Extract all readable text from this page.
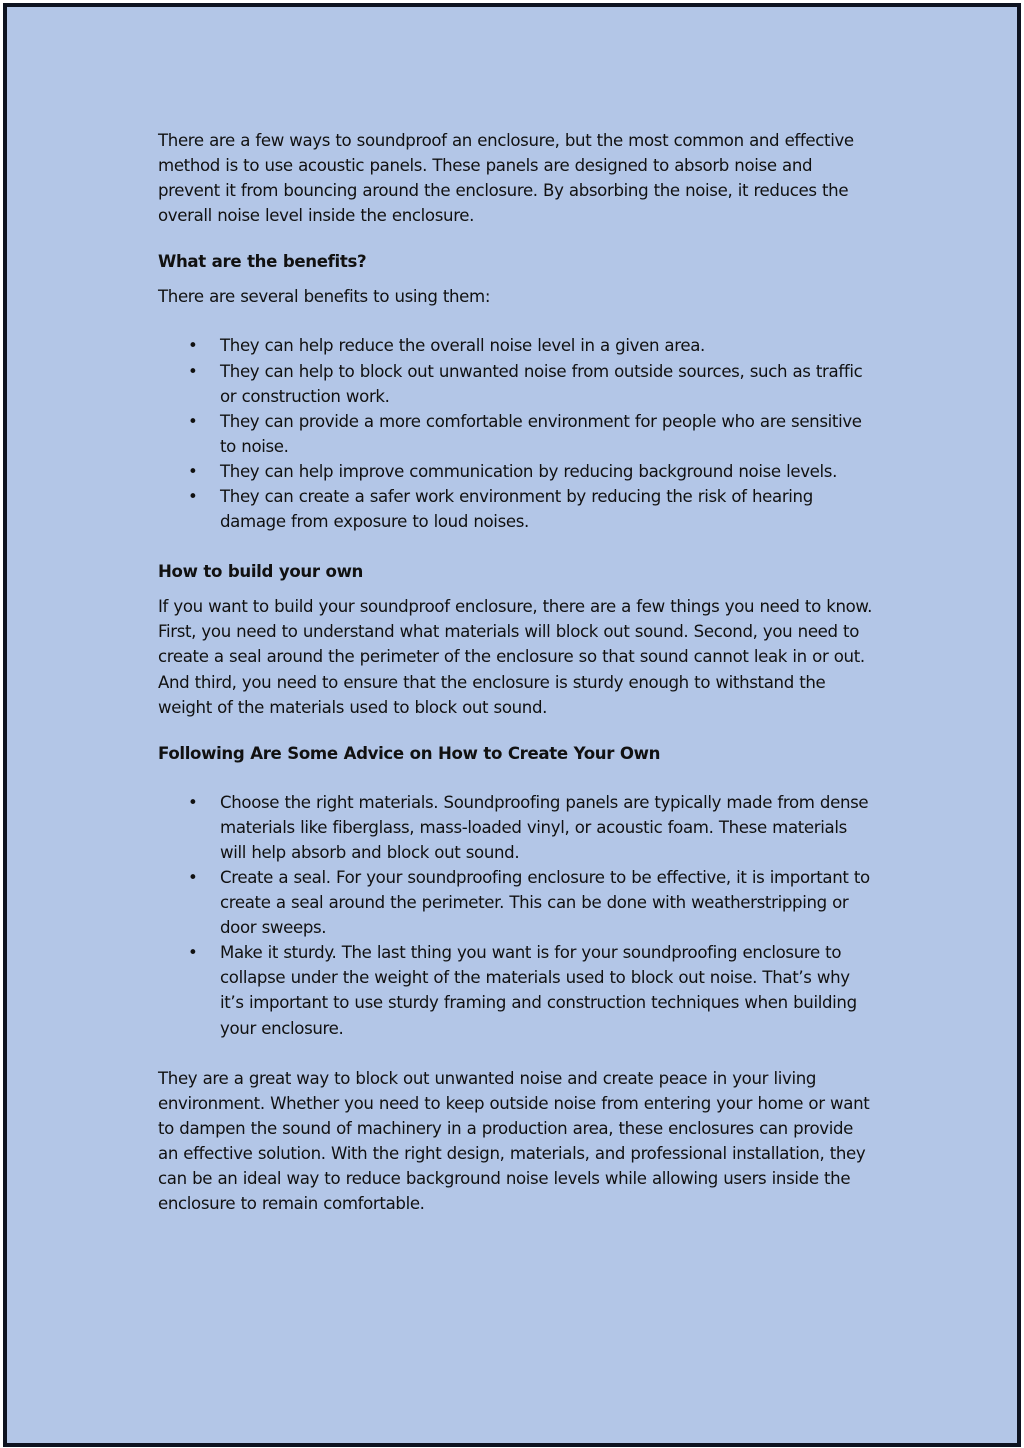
There are a few ways to soundproof an enclosure, but the most common and effective method is to use acoustic panels. These panels are designed to absorb noise and prevent it from bouncing around the enclosure. By absorbing the noise, it reduces the overall noise level inside the enclosure.

What are the benefits?

There are several benefits to using them:

• They can help reduce the overall noise level in a given area.
• They can help to block out unwanted noise from outside sources, such as traffic or construction work.
• They can provide a more comfortable environment for people who are sensitive to noise.
• They can help improve communication by reducing background noise levels.
• They can create a safer work environment by reducing the risk of hearing damage from exposure to loud noises.
How to build your own

If you want to build your soundproof enclosure, there are a few things you need to know. First, you need to understand what materials will block out sound. Second, you need to create a seal around the perimeter of the enclosure so that sound cannot leak in or out. And third, you need to ensure that the enclosure is sturdy enough to withstand the weight of the materials used to block out sound.

Following Are Some Advice on How to Create Your Own
• Choose the right materials. Soundproofing panels are typically made from dense materials like fiberglass, mass-loaded vinyl, or acoustic foam. These materials will help absorb and block out sound.
• Create a seal. For your soundproofing enclosure to be effective, it is important to create a seal around the perimeter. This can be done with weatherstripping or door sweeps.
• Make it sturdy. The last thing you want is for your soundproofing enclosure to collapse under the weight of the materials used to block out noise. That’s why it’s important to use sturdy framing and construction techniques when building your enclosure.

They are a great way to block out unwanted noise and create peace in your living environment. Whether you need to keep outside noise from entering your home or want to dampen the sound of machinery in a production area, these enclosures can provide an effective solution. With the right design, materials, and professional installation, they can be an ideal way to reduce background noise levels while allowing users inside the enclosure to remain comfortable.
